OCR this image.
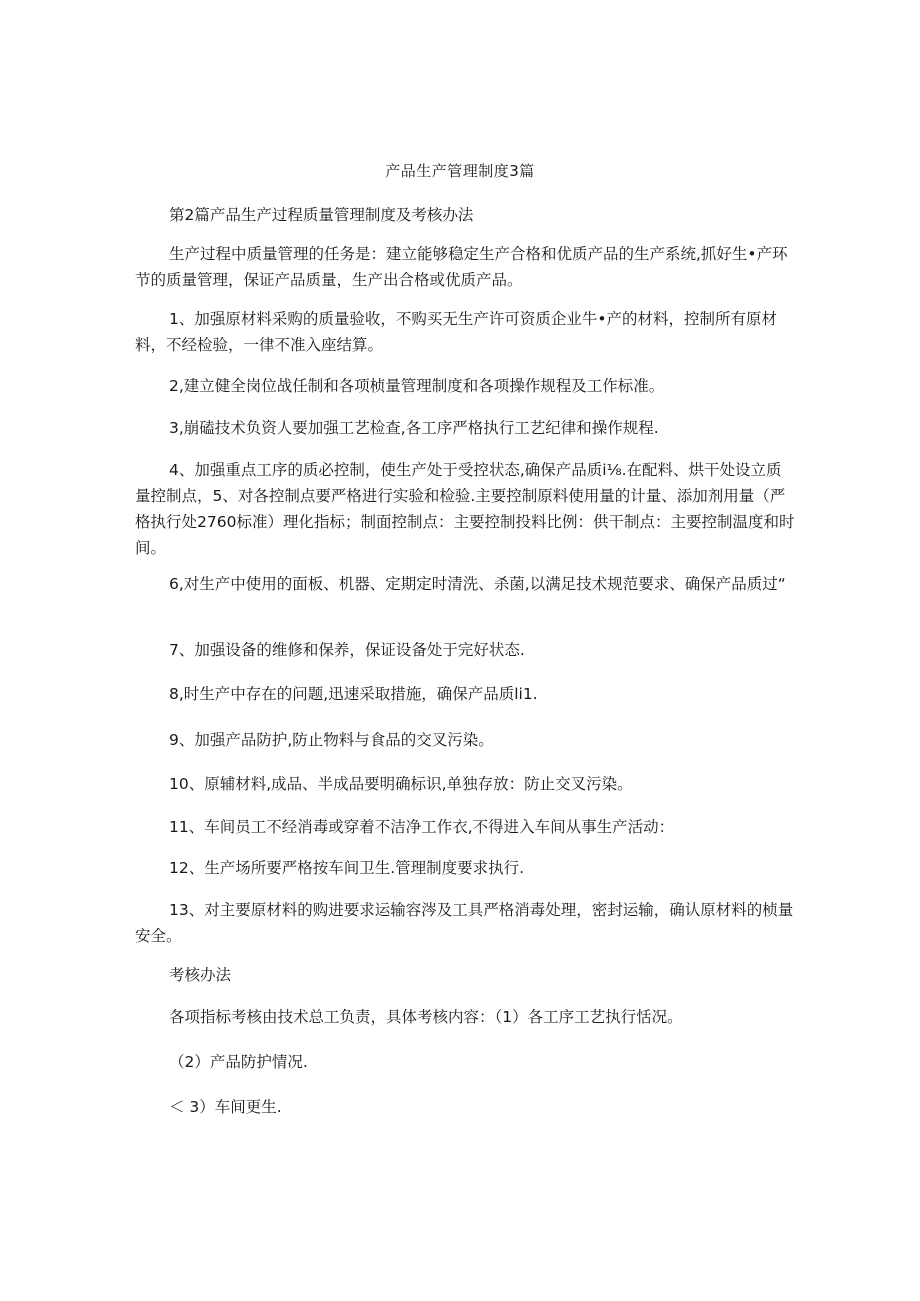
产品生产管理制度3篇

第2篇产品生产过程质量管理制度及考核办法

生产过程中质量管理的任务是：建立能够稳定生产合格和优质产品的生产系统,抓好生•产环节的质量管理，保证产品质量，生产出合格或优质产品。

1、加强原材料采购的质量验收，不购买无生产许可资质企业牛•产的材料，控制所有原材料，不经检验，一律不准入座结算。

2,建立健全岗位战任制和各项桢量管理制度和各项操作规程及工作标准。

3,崩磕技术负资人要加强工艺检查,各工序严格执行工艺纪律和操作规程.

4、加强重点工序的质必控制，使生产处于受控状态,确保产品质i⅛.在配料、烘干处设立质量控制点，5、对各控制点要严格进行实验和检验.主要控制原料使用量的计量、添加剂用量（严格执行处2760标准）理化指标；制面控制点：主要控制投料比例：供干制点：主要控制温度和时间。

6,对生产中使用的面板、机器、定期定时清洗、杀菌,以满足技术规范要求、确保产品质过“

7、加强设备的维修和保养，保证设备处于完好状态.

8,时生产中存在的问题,迅速采取措施，确保产品质li1.

9、加强产品防护,防止物料与食品的交叉污染。

10、原辅材料,成品、半成品要明确标识,单独存放：防止交叉污染。

11、车间员工不经消毒或穿着不洁净工作衣,不得进入车间从事生产活动：

12、生产场所要严格按车间卫生.管理制度要求执行.

13、对主要原材料的购进要求运输容涔及工具严格消毒处理，密封运输，确认原材料的桢量安全。

考核办法

各项指标考核由技术总工负责，具体考核内容：（1）各工序工艺执行恬况。

（2）产品防护情况.

＜ 3）车间更生.
